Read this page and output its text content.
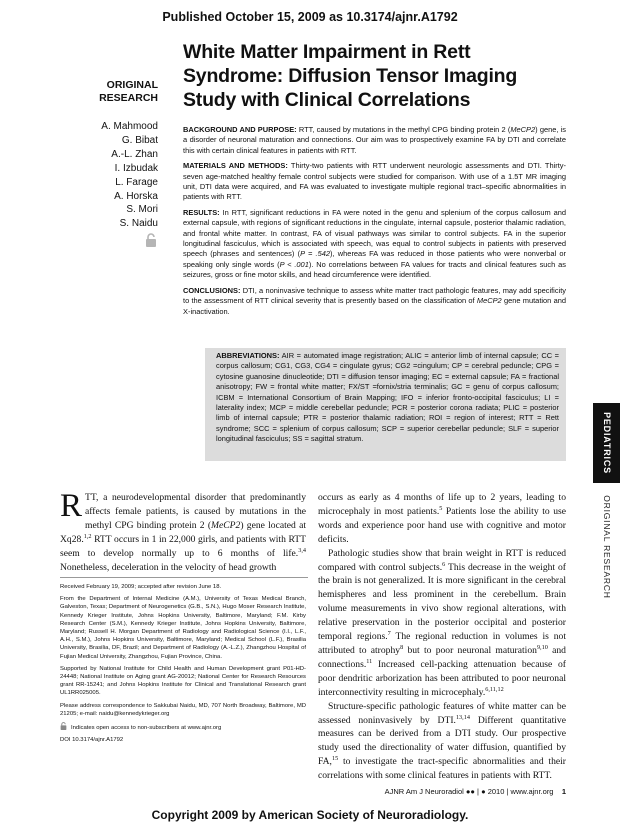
Published October 15, 2009 as 10.3174/ajnr.A1792
White Matter Impairment in Rett Syndrome: Diffusion Tensor Imaging Study with Clinical Correlations
ORIGINAL
RESEARCH
A. Mahmood
G. Bibat
A.-L. Zhan
I. Izbudak
L. Farage
A. Horska
S. Mori
S. Naidu

BACKGROUND AND PURPOSE: RTT, caused by mutations in the methyl CPG binding protein 2 (MeCP2) gene, is a disorder of neuronal maturation and connections. Our aim was to prospectively examine FA by DTI and correlate this with certain clinical features in patients with RTT.

MATERIALS AND METHODS: Thirty-two patients with RTT underwent neurologic assessments and DTI. Thirty-seven age-matched healthy female control subjects were studied for comparison. With use of a 1.5T MR imaging unit, DTI data were acquired, and FA was evaluated to investigate multiple regional tract–specific abnormalities in patients with RTT.

RESULTS: In RTT, significant reductions in FA were noted in the genu and splenium of the corpus callosum and external capsule, with regions of significant reductions in the cingulate, internal capsule, posterior thalamic radiation, and frontal white matter. In contrast, FA of visual pathways was similar to control subjects. FA in the superior longitudinal fasciculus, which is associated with speech, was equal to control subjects in patients with preserved speech (phrases and sentences) (P = .542), whereas FA was reduced in those patients who were nonverbal or speaking only single words (P < .001). No correlations between FA values for tracts and clinical features such as seizures, gross or fine motor skills, and head circumference were identified.

CONCLUSIONS: DTI, a noninvasive technique to assess white matter tract pathologic features, may add specificity to the assessment of RTT clinical severity that is presently based on the classification of MeCP2 gene mutation and X-inactivation.

ABBREVIATIONS: AIR = automated image registration; ALIC = anterior limb of internal capsule; CC = corpus callosum; CG1, CG3, CG4 = cingulate gyrus; CG2 =cingulum; CP = cerebral peduncle; CPG = cytosine guanosine dinucleotide; DTI = diffusion tensor imaging; EC = external capsule; FA = fractional anisotropy; FW = frontal white matter; FX/ST =fornix/stria terminalis; GC = genu of corpus callosum; ICBM = International Consortium of Brain Mapping; IFO = inferior fronto-occipital fasciculus; LI = laterality index; MCP = middle cerebellar peduncle; PCR = posterior corona radiata; PLIC = posterior limb of internal capsule; PTR = posterior thalamic radiation; ROI = region of interest; RTT = Rett syndrome; SCC = splenium of corpus callosum; SCP = superior cerebellar peduncle; SLF = superior longitudinal fasciculus; SS = sagittal stratum.	PEDIATRICS
ORIGINAL RESEARCH

RTT, a neurodevelopmental disorder that predominantly affects female patients, is caused by mutations in the methyl CPG binding protein 2 (MeCP2) gene located at Xq28.$^{1,2}$ RTT occurs in 1 in 22,000 girls, and patients with RTT seem to develop normally up to 6 months of life.$^{3,4}$ Nonetheless, deceleration in the velocity of head growth

Received February 19, 2009; accepted after revision June 18.

From the Department of Internal Medicine (A.M.), University of Texas Medical Branch, Galveston, Texas; Department of Neurogenetics (G.B., S.N.), Hugo Moser Research Institute, Kennedy Krieger Institute, Johns Hopkins University, Baltimore, Maryland; F.M. Kirby Research Center (S.M.), Kennedy Krieger Institute, Johns Hopkins University, Baltimore, Maryland; Russell H. Morgan Department of Radiology and Radiological Science (I.I., L.F., A.H., S.M.), Johns Hopkins University, Baltimore, Maryland; Medical School (L.F.), Brasilia University, Brasilia, DF, Brazil; and Department of Radiology (A.-L.Z.), Zhangzhou Hospital of Fujian Medical University, Zhangzhou, Fujian Province, China.

Supported by National Institute for Child Health and Human Development grant P01-HD-24448; National Institute on Aging grant AG-20012; National Center for Research Resources grant RR-15241; and Johns Hopkins Institute for Clinical and Translational Research grant UL1RR025005.

Please address correspondence to Sakkubai Naidu, MD, 707 North Broadway, Baltimore, MD 21205; e-mail: naidu@kennedykrieger.org

Indicates open access to non-subscribers at www.ajnr.org

DOI 10.3174/ajnr.A1792

occurs as early as 4 months of life up to 2 years, leading to microcephaly in most patients.$^5$ Patients lose the ability to use words and experience poor hand use with cognitive and motor deficits.

Pathologic studies show that brain weight in RTT is reduced compared with control subjects.$^6$ This decrease in the weight of the brain is not generalized. It is more significant in the cerebral hemispheres and less prominent in the cerebellum. Brain volume measurements in vivo show regional alterations, with relative preservation in the posterior occipital and posterior temporal regions.$^7$ The regional reduction in volumes is not attributed to atrophy$^8$ but to poor neuronal maturation$^{9,10}$ and connections.$^{11}$ Increased cell-packing attenuation because of poor dendritic arborization has been attributed to poor neuronal interconnectivity resulting in microcephaly.$^{6,11,12}$

Structure-specific pathologic features of white matter can be assessed noninvasively by DTI.$^{13,14}$ Different quantitative measures can be derived from a DTI study. Our prospective study used the directionality of water diffusion, quantified by FA,$^{15}$ to investigate the tract-specific abnormalities and their correlations with some clinical features in patients with RTT.

AJNR Am J Neuroradiol ●● | ● 2010 | www.ajnr.org 1
Copyright 2009 by American Society of Neuroradiology.
